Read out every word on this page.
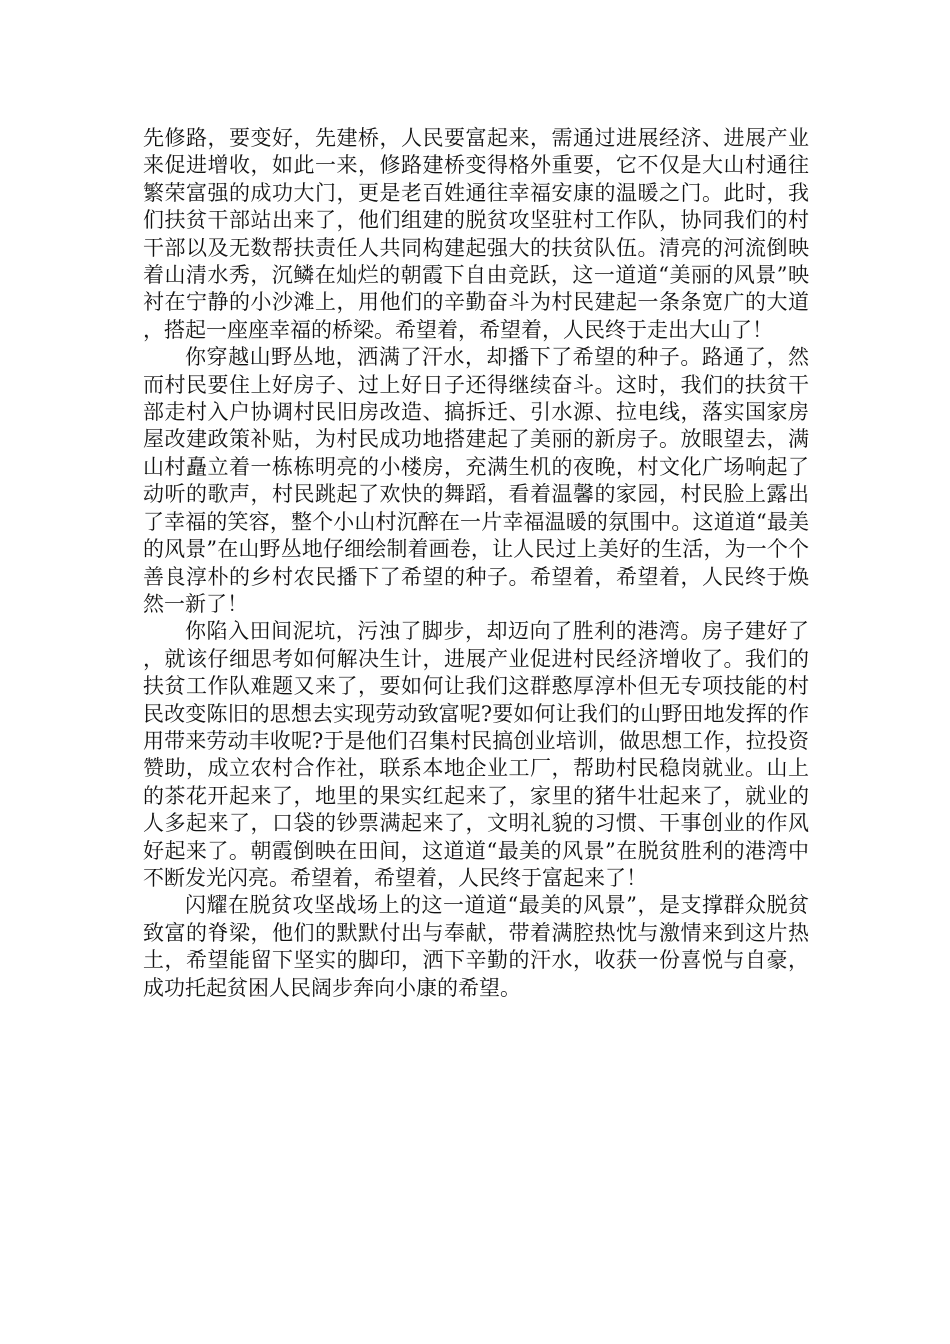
先修路，要变好，先建桥，人民要富起来，需通过进展经济、进展产业来促进增收，如此一来，修路建桥变得格外重要，它不仅是大山村通往繁荣富强的成功大门，更是老百姓通往幸福安康的温暖之门。此时，我们扶贫干部站出来了，他们组建的脱贫攻坚驻村工作队，协同我们的村干部以及无数帮扶责任人共同构建起强大的扶贫队伍。清亮的河流倒映着山清水秀，沉鳞在灿烂的朝霞下自由竞跃，这一道道“美丽的风景”映衬在宁静的小沙滩上，用他们的辛勤奋斗为村民建起一条条宽广的大道，搭起一座座幸福的桥梁。希望着，希望着，人民终于走出大山了！

你穿越山野丛地，洒满了汗水，却播下了希望的种子。路通了，然而村民要住上好房子、过上好日子还得继续奋斗。这时，我们的扶贫干部走村入户协调村民旧房改造、搞拆迁、引水源、拉电线，落实国家房屋改建政策补贴，为村民成功地搭建起了美丽的新房子。放眼望去，满山村矗立着一栋栋明亮的小楼房，充满生机的夜晚，村文化广场响起了动听的歌声，村民跳起了欢快的舞蹈，看着温馨的家园，村民脸上露出了幸福的笑容，整个小山村沉醉在一片幸福温暖的氛围中。这道道“最美的风景”在山野丛地仔细绘制着画卷，让人民过上美好的生活，为一个个善良淳朴的乡村农民播下了希望的种子。希望着，希望着，人民终于焕然一新了！

你陷入田间泥坑，污浊了脚步，却迈向了胜利的港湾。房子建好了，就该仔细思考如何解决生计，进展产业促进村民经济增收了。我们的扶贫工作队难题又来了，要如何让我们这群憨厚淳朴但无专项技能的村民改变陈旧的思想去实现劳动致富呢?要如何让我们的山野田地发挥的作用带来劳动丰收呢?于是他们召集村民搞创业培训，做思想工作，拉投资赞助，成立农村合作社，联系本地企业工厂，帮助村民稳岗就业。山上的茶花开起来了，地里的果实红起来了，家里的猪牛壮起来了，就业的人多起来了，口袋的钞票满起来了，文明礼貌的习惯、干事创业的作风好起来了。朝霞倒映在田间，这道道“最美的风景”在脱贫胜利的港湾中不断发光闪亮。希望着，希望着，人民终于富起来了！

闪耀在脱贫攻坚战场上的这一道道“最美的风景”，是支撑群众脱贫致富的脊梁，他们的默默付出与奉献，带着满腔热忱与激情来到这片热土，希望能留下坚实的脚印，洒下辛勤的汗水，收获一份喜悦与自豪，成功托起贫困人民阔步奔向小康的希望。
